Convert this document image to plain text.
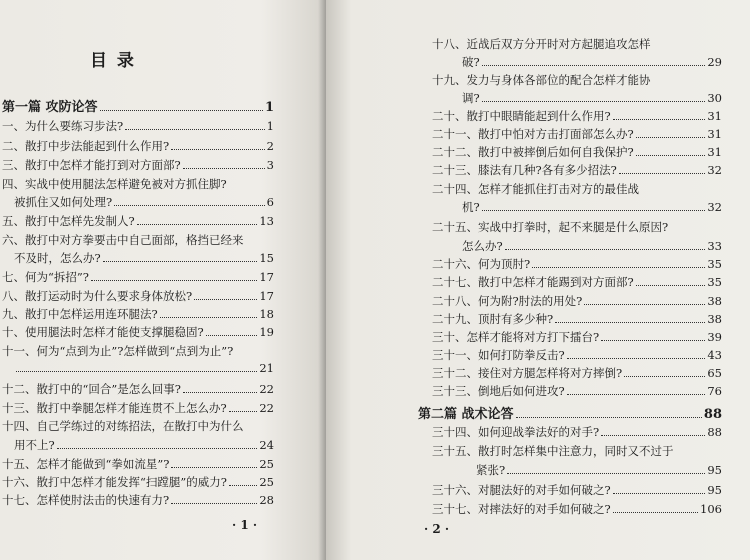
目 录
第一篇 攻防论答	1
一、为什么要练习步法?	1
二、散打中步法能起到什么作用?	2
三、散打中怎样才能打到对方面部?	3
四、实战中使用腿法怎样避免被对方抓住脚?
被抓住又如何处理?	6
五、散打中怎样先发制人?	13
六、散打中对方拳要击中自己面部，格挡已经来
不及时，怎么办?	15
七、何为“拆招”?	17
八、散打运动时为什么要求身体放松?	17
九、散打中怎样运用连环腿法?	18
十、使用腿法时怎样才能使支撑腿稳固?	19
十一、何为“点到为止”?怎样做到“点到为止”?
21
十二、散打中的“回合”是怎么回事?	22
十三、散打中拳腿怎样才能连贯不上怎么办?	22
十四、自己学练过的对练招法，在散打中为什么
用不上?	24
十五、怎样才能做到“拳如流星”?	25
十六、散打中怎样才能发挥“扫蹚腿”的威力?	25
十七、怎样使肘法击的快速有力?	28
· 1 ·
十八、近战后双方分开时对方起腿追攻怎样
破?	29
十九、发力与身体各部位的配合怎样才能协
调?	30
二十、散打中眼睛能起到什么作用?	31
二十一、散打中怕对方击打面部怎么办?	31
二十二、散打中被摔倒后如何自我保护?	31
二十三、膝法有几种?各有多少招法?	32
二十四、怎样才能抓住打击对方的最佳战
机?	32
二十五、实战中打拳时，起不来腿是什么原因?
怎么办?	33
二十六、何为顶肘?	35
二十七、散打中怎样才能踢到对方面部?	35
二十八、何为附?肘法的用处?	38
二十九、顶肘有多少种?	38
三十、怎样才能将对方打下擂台?	39
三十一、如何打防拳反击?	43
三十二、接住对方腿怎样将对方摔倒?	65
三十三、倒地后如何进攻?	76
第二篇 战术论答	88
三十四、如何迎战拳法好的对手?	88
三十五、散打时怎样集中注意力，同时又不过于
紧张?	95
三十六、对腿法好的对手如何破之?	95
三十七、对摔法好的对手如何破之?	106
· 2 ·
